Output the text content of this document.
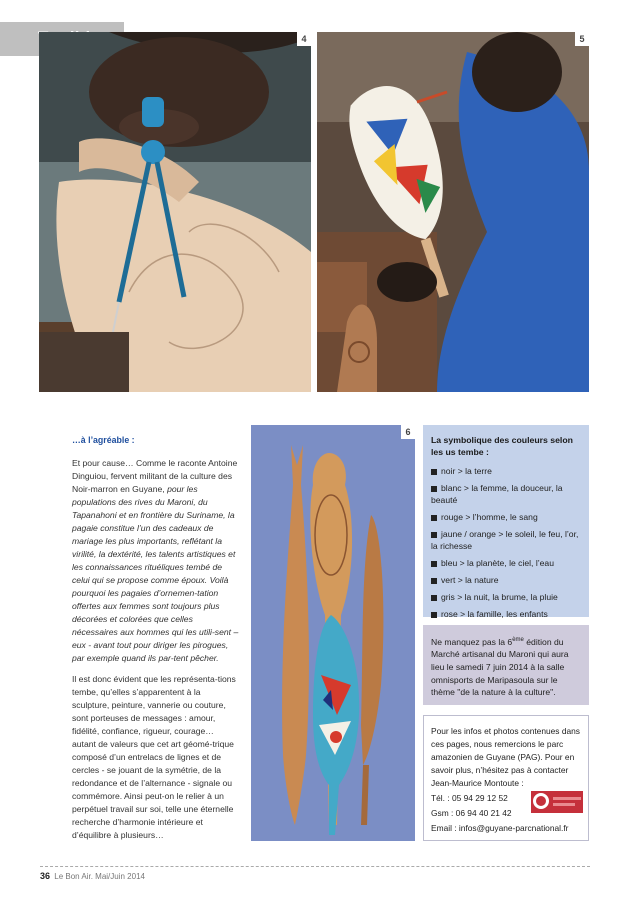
4	5
6

…à l’agréable :

Et pour cause… Comme le raconte Antoine Dinguiou, fervent militant de la culture des Noir-marron en Guyane, pour les populations des rives du Maroni, du Tapanahoni et en frontière du Suriname, la pagaie constitue l’un des cadeaux de mariage les plus importants, reflétant la virilité, la dextérité, les talents artistiques et les connaissances rituéliques tembé de celui qui se propose comme époux. Voilà pourquoi les pagaies d’ornemen-tation offertes aux femmes sont toujours plus décorées et colorées que celles nécessaires aux hommes qui les utili-sent – eux - avant tout pour diriger les pirogues, par exemple quand ils par-tent pêcher.

Il est donc évident que les représenta-tions tembe, qu’elles s’apparentent à la sculpture, peinture, vannerie ou couture, sont porteuses de messages : amour, fidélité, confiance, rigueur, courage… autant de valeurs que cet art géomé-trique composé d’un entrelacs de lignes et de cercles - se jouant de la symétrie, de la redondance et de l’alternance - signale ou commémore. Ainsi peut-on le relier à un perpétuel travail sur soi, telle une éternelle recherche d’harmonie intérieure et d’équilibre à plusieurs…

La symbolique des couleurs selon les us tembe :
noir > la terre
blanc > la femme, la douceur, la beauté
rouge > l’homme, le sang
jaune / orange > le soleil, le feu, l’or, la richesse
bleu > la planète, le ciel, l’eau
vert > la nature
gris > la nuit, la brume, la pluie
rose > la famille, les enfants
Ne manquez pas la 6ème édition du Marché artisanal du Maroni qui aura lieu le samedi 7 juin 2014 à la salle omnisports de Maripasoula sur le thème "de la nature à la culture".

Pour les infos et photos contenues dans ces pages, nous remercions le parc amazonien de Guyane (PAG). Pour en savoir plus, n’hésitez pas à contacter Jean-Maurice Montoute :

Tél. : 05 94 29 12 52

Gsm : 06 94 40 21 42

Email : infos@guyane-parcnational.fr

36 Le Bon Air. Mai/Juin 2014
